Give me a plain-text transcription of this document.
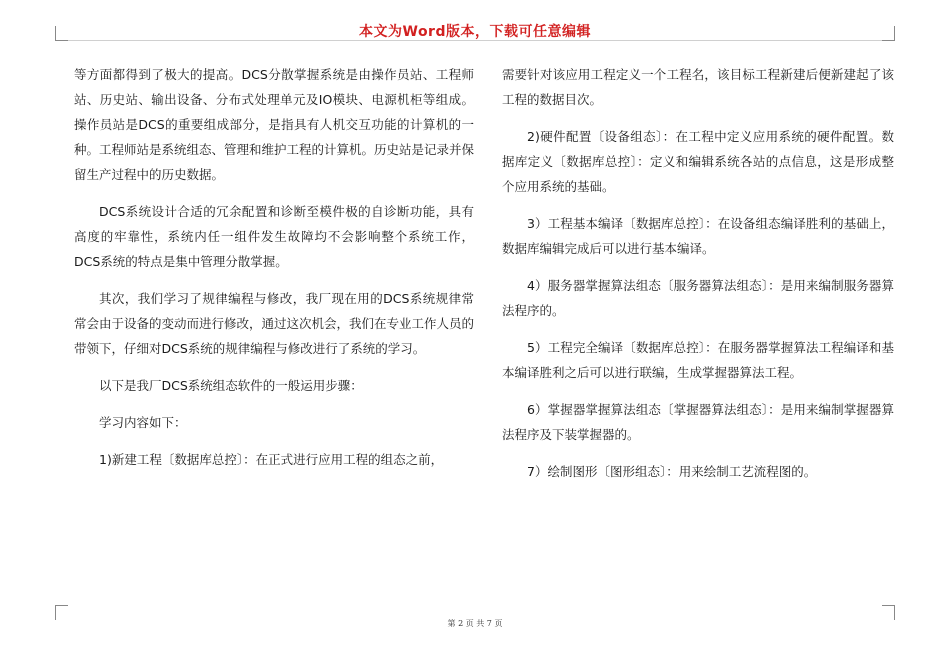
本文为Word版本，下载可任意编辑

等方面都得到了极大的提高。DCS分散掌握系统是由操作员站、工程师站、历史站、输出设备、分布式处理单元及IO模块、电源机柜等组成。操作员站是DCS的重要组成部分，是指具有人机交互功能的计算机的一种。工程师站是系统组态、管理和维护工程的计算机。历史站是记录并保留生产过程中的历史数据。

DCS系统设计合适的冗余配置和诊断至模件极的自诊断功能，具有高度的牢靠性，系统内任一组件发生故障均不会影响整个系统工作，DCS系统的特点是集中管理分散掌握。

其次，我们学习了规律编程与修改，我厂现在用的DCS系统规律常常会由于设备的变动而进行修改，通过这次机会，我们在专业工作人员的带领下，仔细对DCS系统的规律编程与修改进行了系统的学习。

以下是我厂DCS系统组态软件的一般运用步骤：

学习内容如下：

1)新建工程〔数据库总控〕：在正式进行应用工程的组态之前，

需要针对该应用工程定义一个工程名，该目标工程新建后便新建起了该工程的数据目次。

2)硬件配置〔设备组态〕：在工程中定义应用系统的硬件配置。数据库定义〔数据库总控〕：定义和编辑系统各站的点信息，这是形成整个应用系统的基础。

3）工程基本编译〔数据库总控〕：在设备组态编译胜利的基础上，数据库编辑完成后可以进行基本编译。

4）服务器掌握算法组态〔服务器算法组态〕：是用来编制服务器算法程序的。

5）工程完全编译〔数据库总控〕：在服务器掌握算法工程编译和基本编译胜利之后可以进行联编，生成掌握器算法工程。

6）掌握器掌握算法组态〔掌握器算法组态〕：是用来编制掌握器算法程序及下装掌握器的。

7）绘制图形〔图形组态〕：用来绘制工艺流程图的。

第 2 页 共 7 页
